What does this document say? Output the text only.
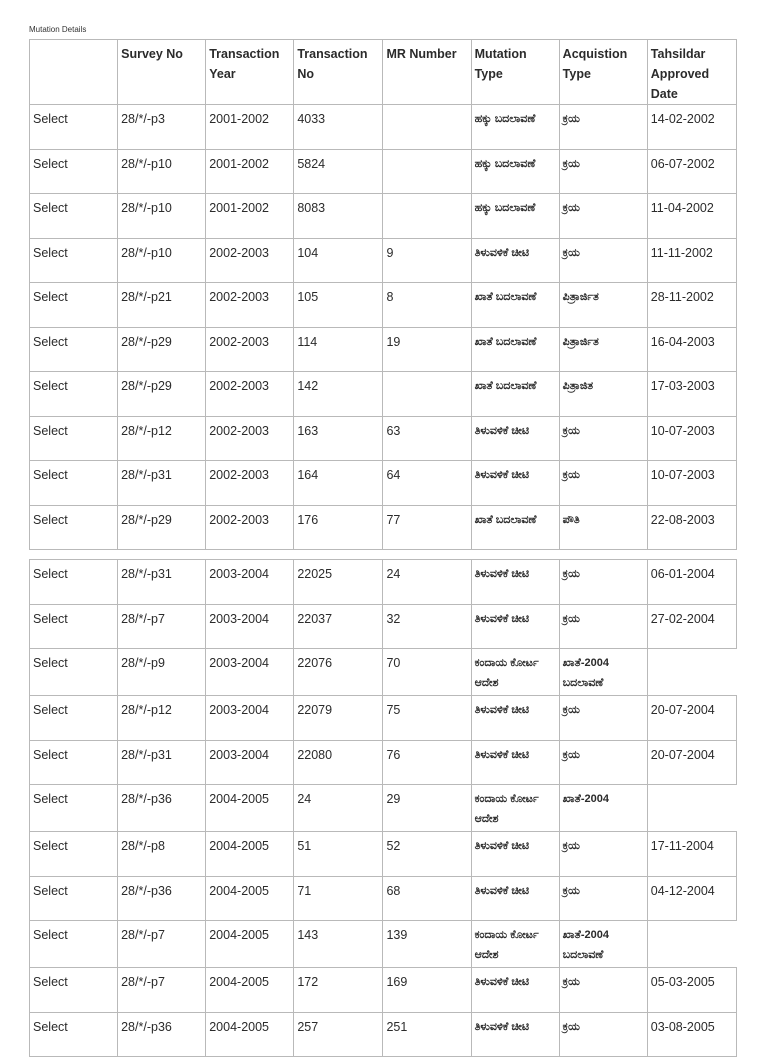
Mutation Details
	Survey No	Transaction Year	Transaction No	MR Number	Mutation Type	Acquistion Type	Tahsildar Approved Date
Select	28/*/-p3	2001-2002	4033		ಹಕ್ಕು ಬದಲಾವಣೆ	ಕ್ರಯ	14-02-2002
Select	28/*/-p10	2001-2002	5824		ಹಕ್ಕು ಬದಲಾವಣೆ	ಕ್ರಯ	06-07-2002
Select	28/*/-p10	2001-2002	8083		ಹಕ್ಕು ಬದಲಾವಣೆ	ಕ್ರಯ	11-04-2002
Select	28/*/-p10	2002-2003	104	9	ತಿಳುವಳಿಕೆ ಚೀಟಿ	ಕ್ರಯ	11-11-2002
Select	28/*/-p21	2002-2003	105	8	ಖಾತೆ ಬದಲಾವಣೆ	ಪಿತ್ರಾರ್ಜಿತ	28-11-2002
Select	28/*/-p29	2002-2003	114	19	ಖಾತೆ ಬದಲಾವಣೆ	ಪಿತ್ರಾರ್ಜಿತ	16-04-2003
Select	28/*/-p29	2002-2003	142		ಖಾತೆ ಬದಲಾವಣೆ	ಪಿತ್ರಾಜಿತ	17-03-2003
Select	28/*/-p12	2002-2003	163	63	ತಿಳುವಳಿಕೆ ಚೀಟಿ	ಕ್ರಯ	10-07-2003
Select	28/*/-p31	2002-2003	164	64	ತಿಳುವಳಿಕೆ ಚೀಟಿ	ಕ್ರಯ	10-07-2003
Select	28/*/-p29	2002-2003	176	77	ಖಾತೆ ಬದಲಾವಣೆ	ಪೌತಿ	22-08-2003
Select	28/*/-p31	2003-2004	22025	24	ತಿಳುವಳಿಕೆ ಚೀಟಿ	ಕ್ರಯ	06-01-2004
Select	28/*/-p7	2003-2004	22037	32	ತಿಳುವಳಿಕೆ ಚೀಟಿ	ಕ್ರಯ	27-02-2004
Select	28/*/-p9	2003-2004	22076	70	ಕಂದಾಯ ಕೋರ್ಟ ಆದೇಶ	ಖಾತೆ-2004 ಬದಲಾವಣೆ	
Select	28/*/-p12	2003-2004	22079	75	ತಿಳುವಳಿಕೆ ಚೀಟಿ	ಕ್ರಯ	20-07-2004
Select	28/*/-p31	2003-2004	22080	76	ತಿಳುವಳಿಕೆ ಚೀಟಿ	ಕ್ರಯ	20-07-2004
Select	28/*/-p36	2004-2005	24	29	ಕಂದಾಯ ಕೋರ್ಟ ಆದೇಶ	ಖಾತೆ-2004	
Select	28/*/-p8	2004-2005	51	52	ತಿಳುವಳಿಕೆ ಚೀಟಿ	ಕ್ರಯ	17-11-2004
Select	28/*/-p36	2004-2005	71	68	ತಿಳುವಳಿಕೆ ಚೀಟಿ	ಕ್ರಯ	04-12-2004
Select	28/*/-p7	2004-2005	143	139	ಕಂದಾಯ ಕೋರ್ಟ ಆದೇಶ	ಖಾತೆ-2004 ಬದಲಾವಣೆ	
Select	28/*/-p7	2004-2005	172	169	ತಿಳುವಳಿಕೆ ಚೀಟಿ	ಕ್ರಯ	05-03-2005
Select	28/*/-p36	2004-2005	257	251	ತಿಳುವಳಿಕೆ ಚೀಟಿ	ಕ್ರಯ	03-08-2005
